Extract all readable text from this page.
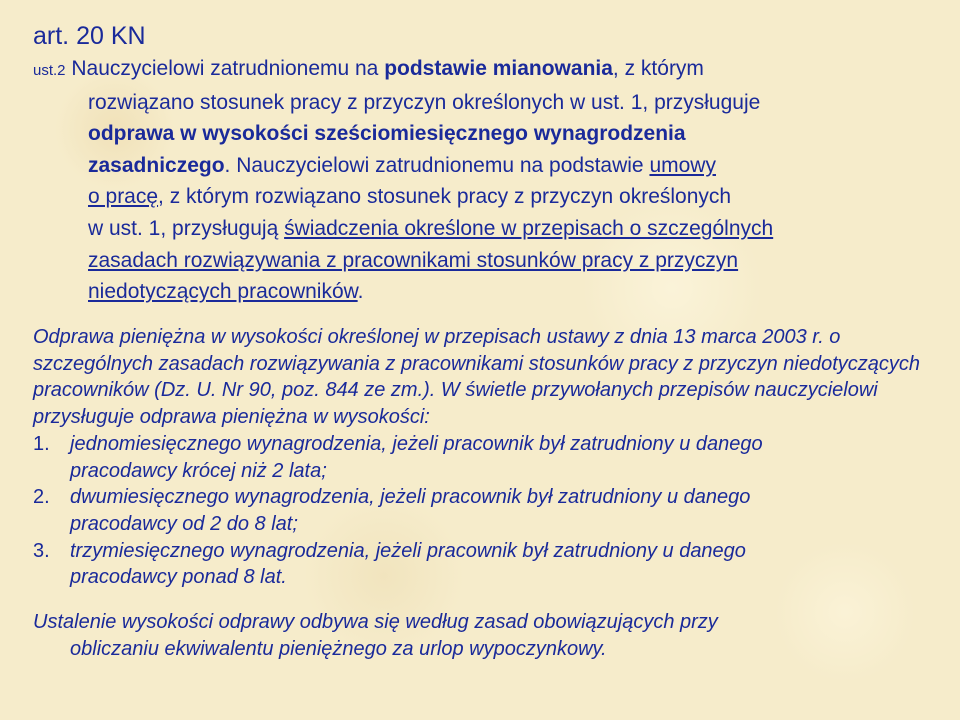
art. 20 KN
ust.2 Nauczycielowi zatrudnionemu na podstawie mianowania, z którym
rozwiązano stosunek pracy z przyczyn określonych w ust. 1, przysługuje
odprawa w wysokości sześciomiesięcznego wynagrodzenia
zasadniczego. Nauczycielowi zatrudnionemu na podstawie umowy
o pracę, z którym rozwiązano stosunek pracy z przyczyn określonych
w ust. 1, przysługują świadczenia określone w przepisach o szczególnych
zasadach rozwiązywania z pracownikami stosunków pracy z przyczyn
niedotyczących pracowników.
Odprawa pieniężna w wysokości określonej w przepisach ustawy z dnia 13 marca 2003 r. o szczególnych zasadach rozwiązywania z pracownikami stosunków pracy z przyczyn niedotyczących pracowników (Dz. U. Nr 90, poz. 844 ze zm.). W świetle przywołanych przepisów nauczycielowi przysługuje odprawa pieniężna w wysokości:
1.	jednomiesięcznego wynagrodzenia, jeżeli pracownik był zatrudniony u danego
pracodawcy krócej niż 2 lata;
2.	dwumiesięcznego wynagrodzenia, jeżeli pracownik był zatrudniony u danego
pracodawcy od 2 do 8 lat;
3.	trzymiesięcznego wynagrodzenia, jeżeli pracownik był zatrudniony u danego
pracodawcy ponad 8 lat.
Ustalenie wysokości odprawy odbywa się według zasad obowiązujących przy
obliczaniu ekwiwalentu pieniężnego za urlop wypoczynkowy.
